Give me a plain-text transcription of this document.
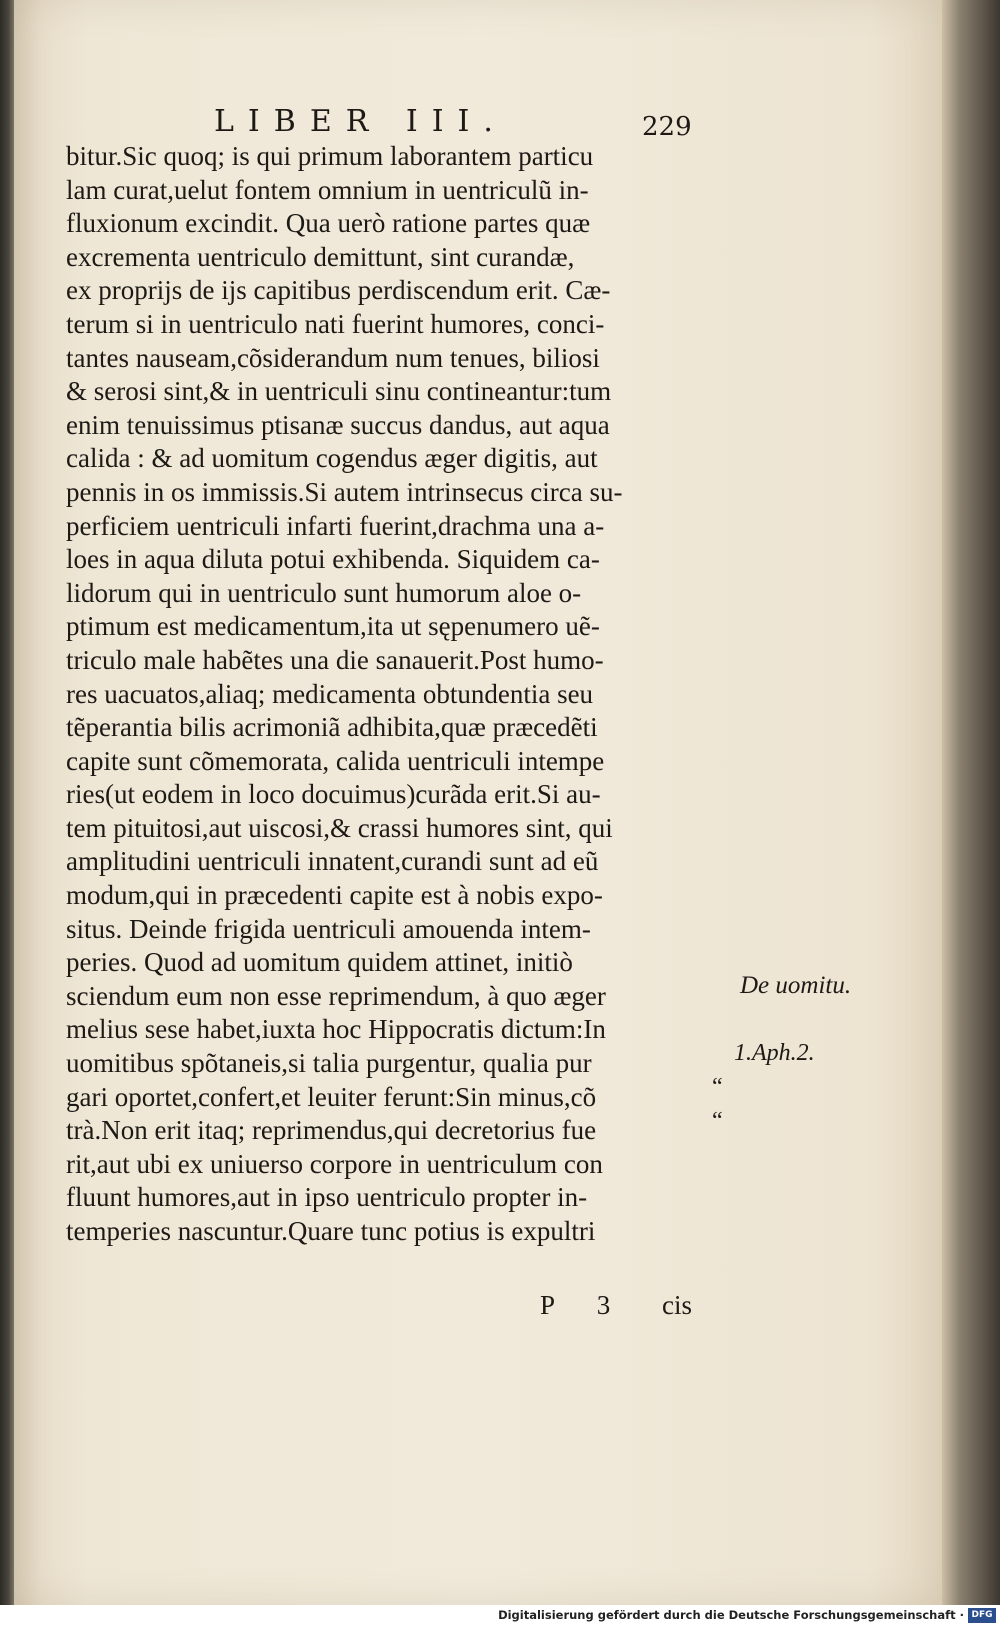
LIBER III.	229
bitur.Sic quoq; is qui primum laborantem particu
lam curat,uelut fontem omnium in uentriculũ in-
fluxionum excindit. Qua uerò ratione partes quæ
excrementa uentriculo demittunt, sint curandæ,
ex proprijs de ijs capitibus perdiscendum erit. Cæ-
terum si in uentriculo nati fuerint humores, conci-
tantes nauseam,cõsiderandum num tenues, biliosi
& serosi sint,& in uentriculi sinu contineantur:tum
enim tenuissimus ptisanæ succus dandus, aut aqua
calida : & ad uomitum cogendus æger digitis, aut
pennis in os immissis.Si autem intrinsecus circa su-
perficiem uentriculi infarti fuerint,drachma una a-
loes in aqua diluta potui exhibenda. Siquidem ca-
lidorum qui in uentriculo sunt humorum aloe o-
ptimum est medicamentum,ita ut sępenumero uẽ-
triculo male habẽtes una die sanauerit.Post humo-
res uacuatos,aliaq; medicamenta obtundentia seu
tẽperantia bilis acrimoniã adhibita,quæ præcedẽti
capite sunt cõmemorata, calida uentriculi intempe
ries(ut eodem in loco docuimus)curãda erit.Si au-
tem pituitosi,aut uiscosi,& crassi humores sint, qui
amplitudini uentriculi innatent,curandi sunt ad eũ
modum,qui in præcedenti capite est à nobis expo-
situs. Deinde frigida uentriculi amouenda intem-
peries. Quod ad uomitum quidem attinet, initiò
sciendum eum non esse reprimendum, à quo æger
melius sese habet,iuxta hoc Hippocratis dictum:In
uomitibus spõtaneis,si talia purgentur, qualia pur
gari oportet,confert,et leuiter ferunt:Sin minus,cõ
trà.Non erit itaq; reprimendus,qui decretorius fue
rit,aut ubi ex uniuerso corpore in uentriculum con
fluunt humores,aut in ipso uentriculo propter in-
temperies nascuntur.Quare tunc potius is expultri
De uomitu.
1.Aph.2.
“
“
P 3 cis
Digitalisierung gefördert durch die Deutsche Forschungsgemeinschaft · DFG
